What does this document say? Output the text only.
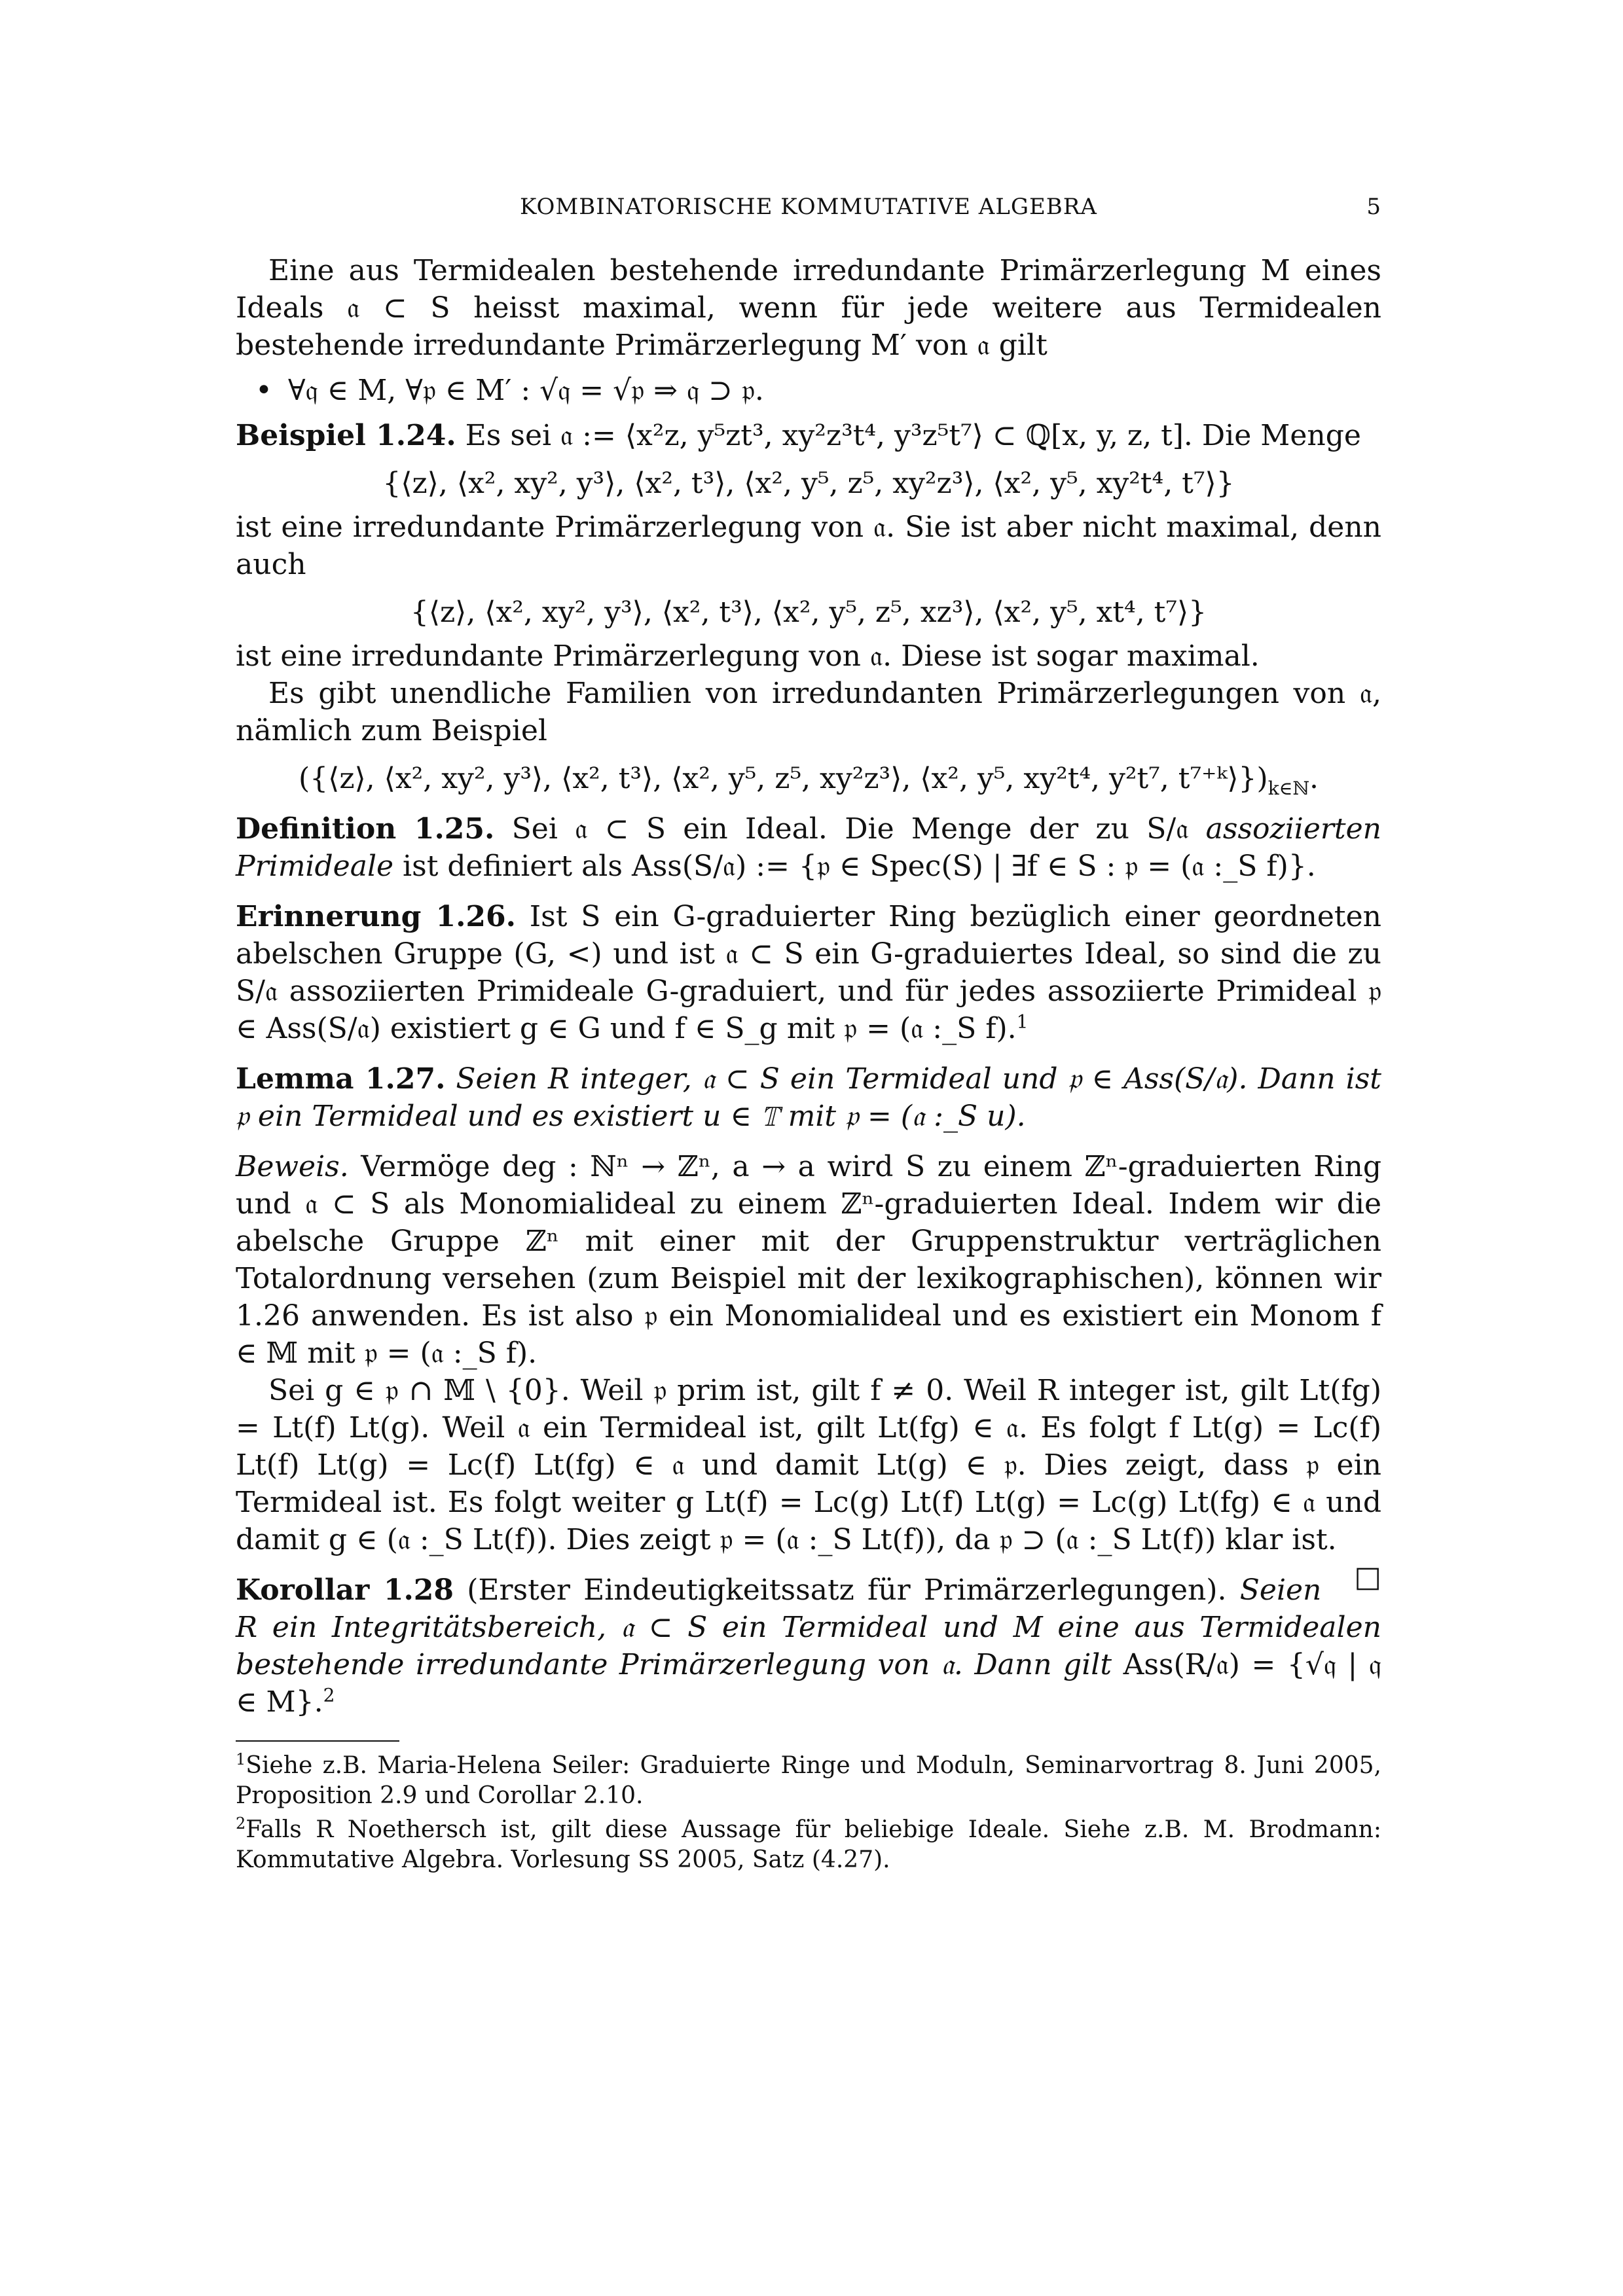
KOMBINATORISCHE KOMMUTATIVE ALGEBRA	5

Eine aus Termidealen bestehende irredundante Primärzerlegung M eines Ideals 𝔞 ⊂ S heisst maximal, wenn für jede weitere aus Termidealen bestehende irredundante Primärzerlegung M′ von 𝔞 gilt

• ∀𝔮 ∈ M, ∀𝔭 ∈ M′ : √𝔮 = √𝔭 ⇒ 𝔮 ⊃ 𝔭.

Beispiel 1.24. Es sei 𝔞 := ⟨x²z, y⁵zt³, xy²z³t⁴, y³z⁵t⁷⟩ ⊂ ℚ[x, y, z, t]. Die Menge

{⟨z⟩, ⟨x², xy², y³⟩, ⟨x², t³⟩, ⟨x², y⁵, z⁵, xy²z³⟩, ⟨x², y⁵, xy²t⁴, t⁷⟩}

ist eine irredundante Primärzerlegung von 𝔞. Sie ist aber nicht maximal, denn auch

{⟨z⟩, ⟨x², xy², y³⟩, ⟨x², t³⟩, ⟨x², y⁵, z⁵, xz³⟩, ⟨x², y⁵, xt⁴, t⁷⟩}

ist eine irredundante Primärzerlegung von 𝔞. Diese ist sogar maximal.

Es gibt unendliche Familien von irredundanten Primärzerlegungen von 𝔞, nämlich zum Beispiel

({⟨z⟩, ⟨x², xy², y³⟩, ⟨x², t³⟩, ⟨x², y⁵, z⁵, xy²z³⟩, ⟨x², y⁵, xy²t⁴, y²t⁷, $t^{7+}ᵏ⟩\})_{k\in ℕ}$.

Definition 1.25. Sei 𝔞 ⊂ S ein Ideal. Die Menge der zu S/𝔞 assoziierten Primideale ist definiert als Ass(S/𝔞) := {𝔭 ∈ Spec(S) | ∃f ∈ S : 𝔭 = (𝔞 :_S f)}.

Erinnerung 1.26. Ist S ein G-graduierter Ring bezüglich einer geordneten abelschen Gruppe (G, <) und ist 𝔞 ⊂ S ein G-graduiertes Ideal, so sind die zu S/𝔞 assoziierten Primideale G-graduiert, und für jedes assoziierte Primideal 𝔭 ∈ Ass(S/𝔞) existiert g ∈ G und f ∈ S_g mit 𝔭 = (𝔞 :_S f).$^1$

Lemma 1.27. Seien R integer, 𝔞 ⊂ S ein Termideal und 𝔭 ∈ Ass(S/𝔞). Dann ist 𝔭 ein Termideal und es existiert u ∈ 𝕋 mit 𝔭 = (𝔞 :_S u).

Beweis. Vermöge deg : ℕⁿ → ℤⁿ, a → a wird S zu einem ℤⁿ-graduierten Ring und 𝔞 ⊂ S als Monomialideal zu einem ℤⁿ-graduierten Ideal. Indem wir die abelsche Gruppe ℤⁿ mit einer mit der Gruppenstruktur verträglichen Totalordnung versehen (zum Beispiel mit der lexikographischen), können wir 1.26 anwenden. Es ist also 𝔭 ein Monomialideal und es existiert ein Monom f ∈ 𝕄 mit 𝔭 = (𝔞 :_S f).

Sei g ∈ 𝔭 ∩ 𝕄 \ {0}. Weil 𝔭 prim ist, gilt f ≠ 0. Weil R integer ist, gilt Lt(fg) = Lt(f) Lt(g). Weil 𝔞 ein Termideal ist, gilt Lt(fg) ∈ 𝔞. Es folgt f Lt(g) = Lc(f) Lt(f) Lt(g) = Lc(f) Lt(fg) ∈ 𝔞 und damit Lt(g) ∈ 𝔭. Dies zeigt, dass 𝔭 ein Termideal ist. Es folgt weiter g Lt(f) = Lc(g) Lt(f) Lt(g) = Lc(g) Lt(fg) ∈ 𝔞 und damit g ∈ (𝔞 :_S Lt(f)). Dies zeigt 𝔭 = (𝔞 :_S Lt(f)), da 𝔭 ⊃ (𝔞 :_S Lt(f)) klar ist.
□

Korollar 1.28 (Erster Eindeutigkeitssatz für Primärzerlegungen). Seien R ein Integritätsbereich, 𝔞 ⊂ S ein Termideal und M eine aus Termidealen bestehende irredundante Primärzerlegung von 𝔞. Dann gilt Ass(R/𝔞) = {√𝔮 | 𝔮 ∈ M}.$^2$

$^1$Siehe z.B. Maria-Helena Seiler: Graduierte Ringe und Moduln, Seminarvortrag 8. Juni 2005, Proposition 2.9 und Corollar 2.10.
$^2$Falls R Noethersch ist, gilt diese Aussage für beliebige Ideale. Siehe z.B. M. Brodmann: Kommutative Algebra. Vorlesung SS 2005, Satz (4.27).
